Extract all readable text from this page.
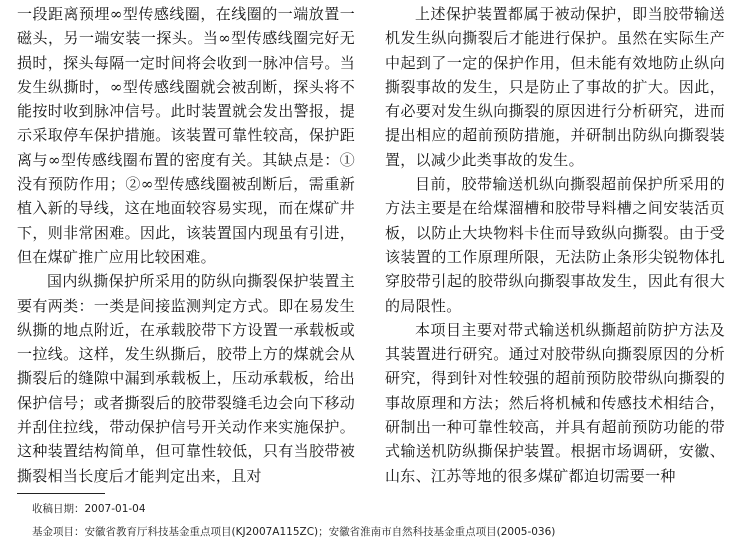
一段距离预埋∞型传感线圈，在线圈的一端放置一磁头，另一端安装一探头。当∞型传感线圈完好无损时，探头每隔一定时间将会收到一脉冲信号。当发生纵撕时，∞型传感线圈就会被刮断，探头将不能按时收到脉冲信号。此时装置就会发出警报，提示采取停车保护措施。该装置可靠性较高，保护距离与∞型传感线圈布置的密度有关。其缺点是：①没有预防作用；②∞型传感线圈被刮断后，需重新植入新的导线，这在地面较容易实现，而在煤矿井下，则非常困难。因此，该装置国内现虽有引进，但在煤矿推广应用比较困难。

国内纵撕保护所采用的防纵向撕裂保护装置主要有两类：一类是间接监测判定方式。即在易发生纵撕的地点附近，在承载胶带下方设置一承载板或一拉线。这样，发生纵撕后，胶带上方的煤就会从撕裂后的缝隙中漏到承载板上，压动承载板，给出保护信号；或者撕裂后的胶带裂缝毛边会向下移动并刮住拉线，带动保护信号开关动作来实施保护。这种装置结构简单，但可靠性较低，只有当胶带被撕裂相当长度后才能判定出来，且对

上述保护装置都属于被动保护，即当胶带输送机发生纵向撕裂后才能进行保护。虽然在实际生产中起到了一定的保护作用，但未能有效地防止纵向撕裂事故的发生，只是防止了事故的扩大。因此，有必要对发生纵向撕裂的原因进行分析研究，进而提出相应的超前预防措施，并研制出防纵向撕裂装置，以减少此类事故的发生。

目前，胶带输送机纵向撕裂超前保护所采用的方法主要是在给煤溜槽和胶带导料槽之间安装活页板，以防止大块物料卡住而导致纵向撕裂。由于受该装置的工作原理所限，无法防止条形尖锐物体扎穿胶带引起的胶带纵向撕裂事故发生，因此有很大的局限性。

本项目主要对带式输送机纵撕超前防护方法及其装置进行研究。通过对胶带纵向撕裂原因的分析研究，得到针对性较强的超前预防胶带纵向撕裂的事故原理和方法；然后将机械和传感技术相结合，研制出一种可靠性较高，并具有超前预防功能的带式输送机防纵撕保护装置。根据市场调研，安徽、山东、江苏等地的很多煤矿都迫切需要一种

收稿日期：2007-01-04
基金项目：安徽省教育厅科技基金重点项目(KJ2007A115ZC)；安徽省淮南市自然科技基金重点项目(2005-036)
